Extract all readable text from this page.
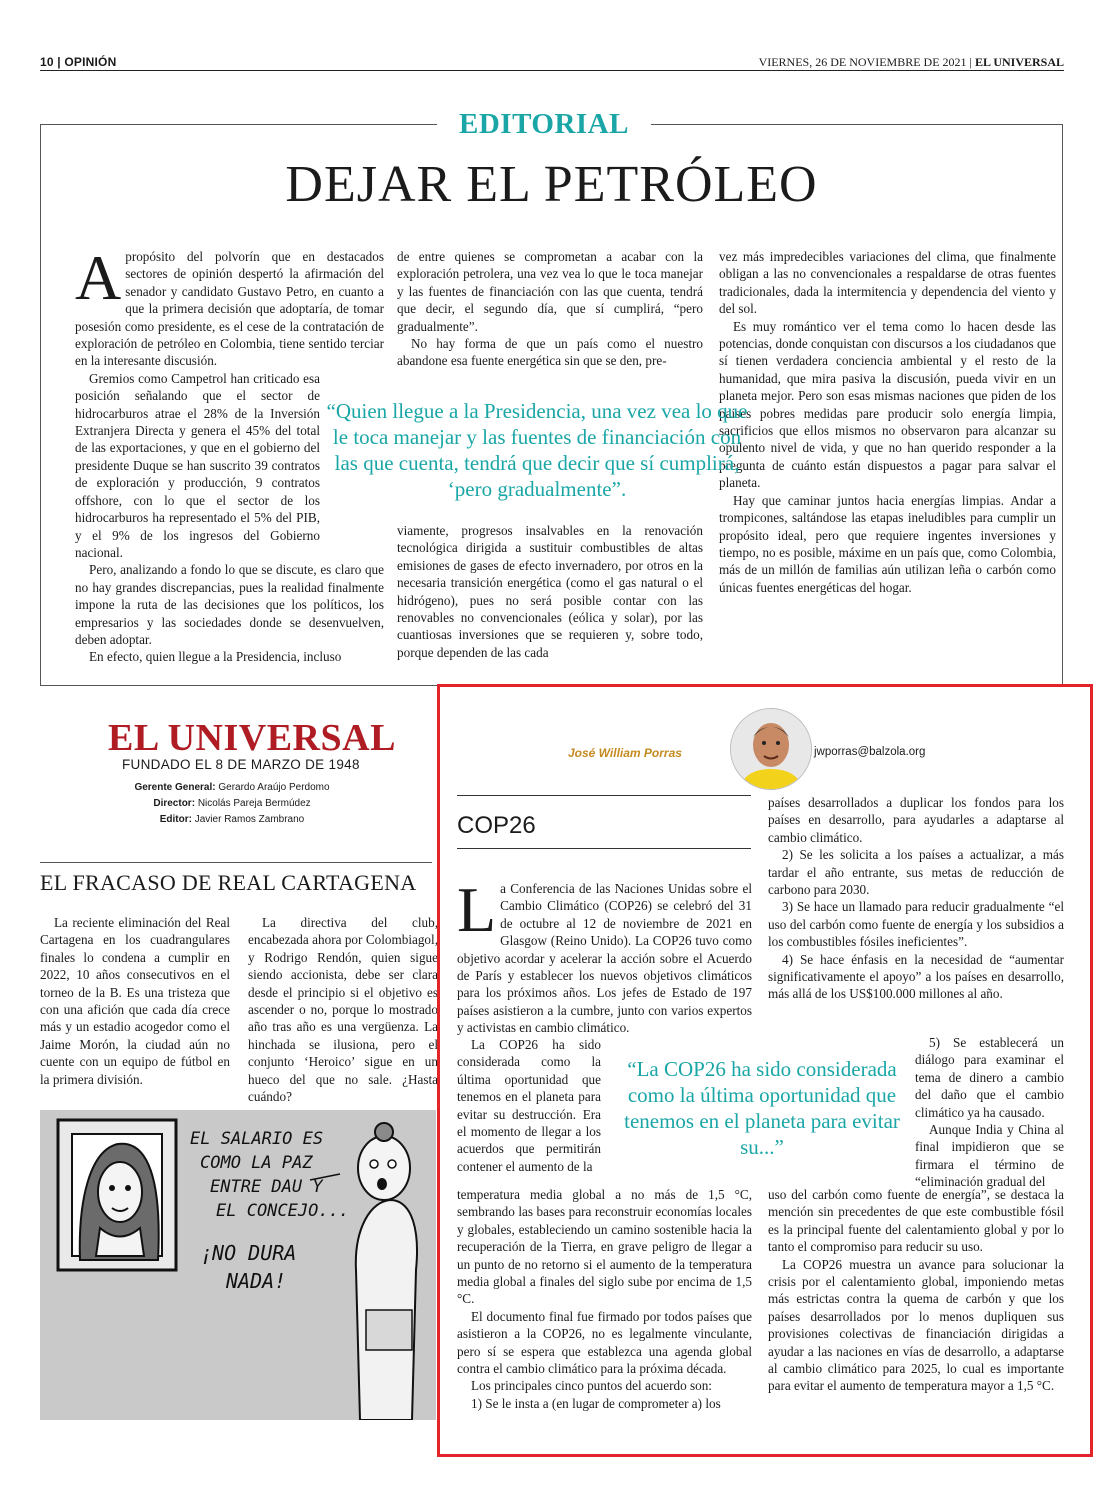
10 | OPINIÓN	VIERNES, 26 DE NOVIEMBRE DE 2021 | EL UNIVERSAL
EDITORIAL
DEJAR EL PETRÓLEO

Apropósito del polvorín que en destacados sectores de opinión despertó la afirmación del senador y candidato Gustavo Petro, en cuanto a que la primera decisión que adoptaría, de tomar posesión como presidente, es el cese de la contratación de exploración de petróleo en Colombia, tiene sentido terciar en la interesante discusión.

Gremios como Campetrol han criticado esa posición señalando que el sector de hidrocarburos atrae el 28% de la Inversión Extranjera Directa y genera el 45% del total de las exportaciones, y que en el gobierno del presidente Duque se han suscrito 39 contratos de exploración y producción, 9 contratos offshore, con lo que el sector de los hidrocarburos ha representado el 5% del PIB, y el 9% de los ingresos del Gobierno nacional.

Pero, analizando a fondo lo que se discute, es claro que no hay grandes discrepancias, pues la realidad finalmente impone la ruta de las decisiones que los políticos, los empresarios y las sociedades donde se desenvuelven, deben adoptar.

En efecto, quien llegue a la Presidencia, incluso

de entre quienes se comprometan a acabar con la exploración petrolera, una vez vea lo que le toca manejar y las fuentes de financiación con las que cuenta, tendrá que decir, el segundo día, que sí cumplirá, “pero gradualmente”.

No hay forma de que un país como el nuestro abandone esa fuente energética sin que se den, pre-

viamente, progresos insalvables en la renovación tecnológica dirigida a sustituir combustibles de altas emisiones de gases de efecto invernadero, por otros en la necesaria transición energética (como el gas natural o el hidrógeno), pues no será posible contar con las renovables no convencionales (eólica y solar), por las cuantiosas inversiones que se requieren y, sobre todo, porque dependen de las cada

vez más impredecibles variaciones del clima, que finalmente obligan a las no convencionales a respaldarse de otras fuentes tradicionales, dada la intermitencia y dependencia del viento y del sol.

Es muy romántico ver el tema como lo hacen desde las potencias, donde conquistan con discursos a los ciudadanos que sí tienen verdadera conciencia ambiental y el resto de la humanidad, que mira pasiva la discusión, pueda vivir en un planeta mejor. Pero son esas mismas naciones que piden de los países pobres medidas pare producir solo energía limpia, sacrificios que ellos mismos no observaron para alcanzar su opulento nivel de vida, y que no han querido responder a la pregunta de cuánto están dispuestos a pagar para salvar el planeta.

Hay que caminar juntos hacia energías limpias. Andar a trompicones, saltándose las etapas ineludibles para cumplir un propósito ideal, pero que requiere ingentes inversiones y tiempo, no es posible, máxime en un país que, como Colombia, más de un millón de familias aún utilizan leña o carbón como únicas fuentes energéticas del hogar.

“Quien llegue a la Presidencia, una vez vea lo que le toca manejar y las fuentes de financiación con las que cuenta, tendrá que decir que sí cumplirá, ‘pero gradualmente”.
EL UNIVERSAL
FUNDADO EL 8 DE MARZO DE 1948
Gerente General: Gerardo Araújo Perdomo
Director: Nicolás Pareja Bermúdez
Editor: Javier Ramos Zambrano
EL FRACASO DE REAL CARTAGENA

La reciente eliminación del Real Cartagena en los cuadrangulares finales lo condena a cumplir en 2022, 10 años consecutivos en el torneo de la B. Es una tristeza que con una afición que cada día crece más y un estadio acogedor como el Jaime Morón, la ciudad aún no cuente con un equipo de fútbol en la primera división.

La directiva del club, encabezada ahora por Colombiagol, y Rodrigo Rendón, quien sigue siendo accionista, debe ser clara desde el principio si el objetivo es ascender o no, porque lo mostrado año tras año es una vergüenza. La hinchada se ilusiona, pero el conjunto ‘Heroico’ sigue en un hueco del que no sale. ¿Hasta cuándo?

EL SALARIO ES
COMO LA PAZ
ENTRE DAU Y
EL CONCEJO...
¡NO DURA
NADA!
José William Porras	jwporras@balzola.org
COP26

La Conferencia de las Naciones Unidas sobre el Cambio Climático (COP26) se celebró del 31 de octubre al 12 de noviembre de 2021 en Glasgow (Reino Unido). La COP26 tuvo como objetivo acordar y acelerar la acción sobre el Acuerdo de París y establecer los nuevos objetivos climáticos para los próximos años. Los jefes de Estado de 197 países asistieron a la cumbre, junto con varios expertos y activistas en cambio climático.

La COP26 ha sido considerada como la última oportunidad que tenemos en el planeta para evitar su destrucción. Era el momento de llegar a los acuerdos que permitirán contener el aumento de la

temperatura media global a no más de 1,5 °C, sembrando las bases para reconstruir economías locales y globales, estableciendo un camino sostenible hacia la recuperación de la Tierra, en grave peligro de llegar a un punto de no retorno si el aumento de la temperatura media global a finales del siglo sube por encima de 1,5 °C.

El documento final fue firmado por todos países que asistieron a la COP26, no es legalmente vinculante, pero sí se espera que establezca una agenda global contra el cambio climático para la próxima década.

Los principales cinco puntos del acuerdo son:

1) Se le insta a (en lugar de comprometer a) los

países desarrollados a duplicar los fondos para los países en desarrollo, para ayudarles a adaptarse al cambio climático.

2) Se les solicita a los países a actualizar, a más tardar el año entrante, sus metas de reducción de carbono para 2030.

3) Se hace un llamado para reducir gradualmente “el uso del carbón como fuente de energía y los subsidios a los combustibles fósiles ineficientes”.

4) Se hace énfasis en la necesidad de “aumentar significativamente el apoyo” a los países en desarrollo, más allá de los US$100.000 millones al año.

5) Se establecerá un diálogo para examinar el tema de dinero a cambio del daño que el cambio climático ya ha causado.

Aunque India y China al final impidieron que se firmara el término de “eliminación gradual del

uso del carbón como fuente de energía”, se destaca la mención sin precedentes de que este combustible fósil es la principal fuente del calentamiento global y por lo tanto el compromiso para reducir su uso.

La COP26 muestra un avance para solucionar la crisis por el calentamiento global, imponiendo metas más estrictas contra la quema de carbón y que los países desarrollados por lo menos dupliquen sus provisiones colectivas de financiación dirigidas a ayudar a las naciones en vías de desarrollo, a adaptarse al cambio climático para 2025, lo cual es importante para evitar el aumento de temperatura mayor a 1,5 °C.

“La COP26 ha sido considerada como la última oportunidad que tenemos en el planeta para evitar su...”
